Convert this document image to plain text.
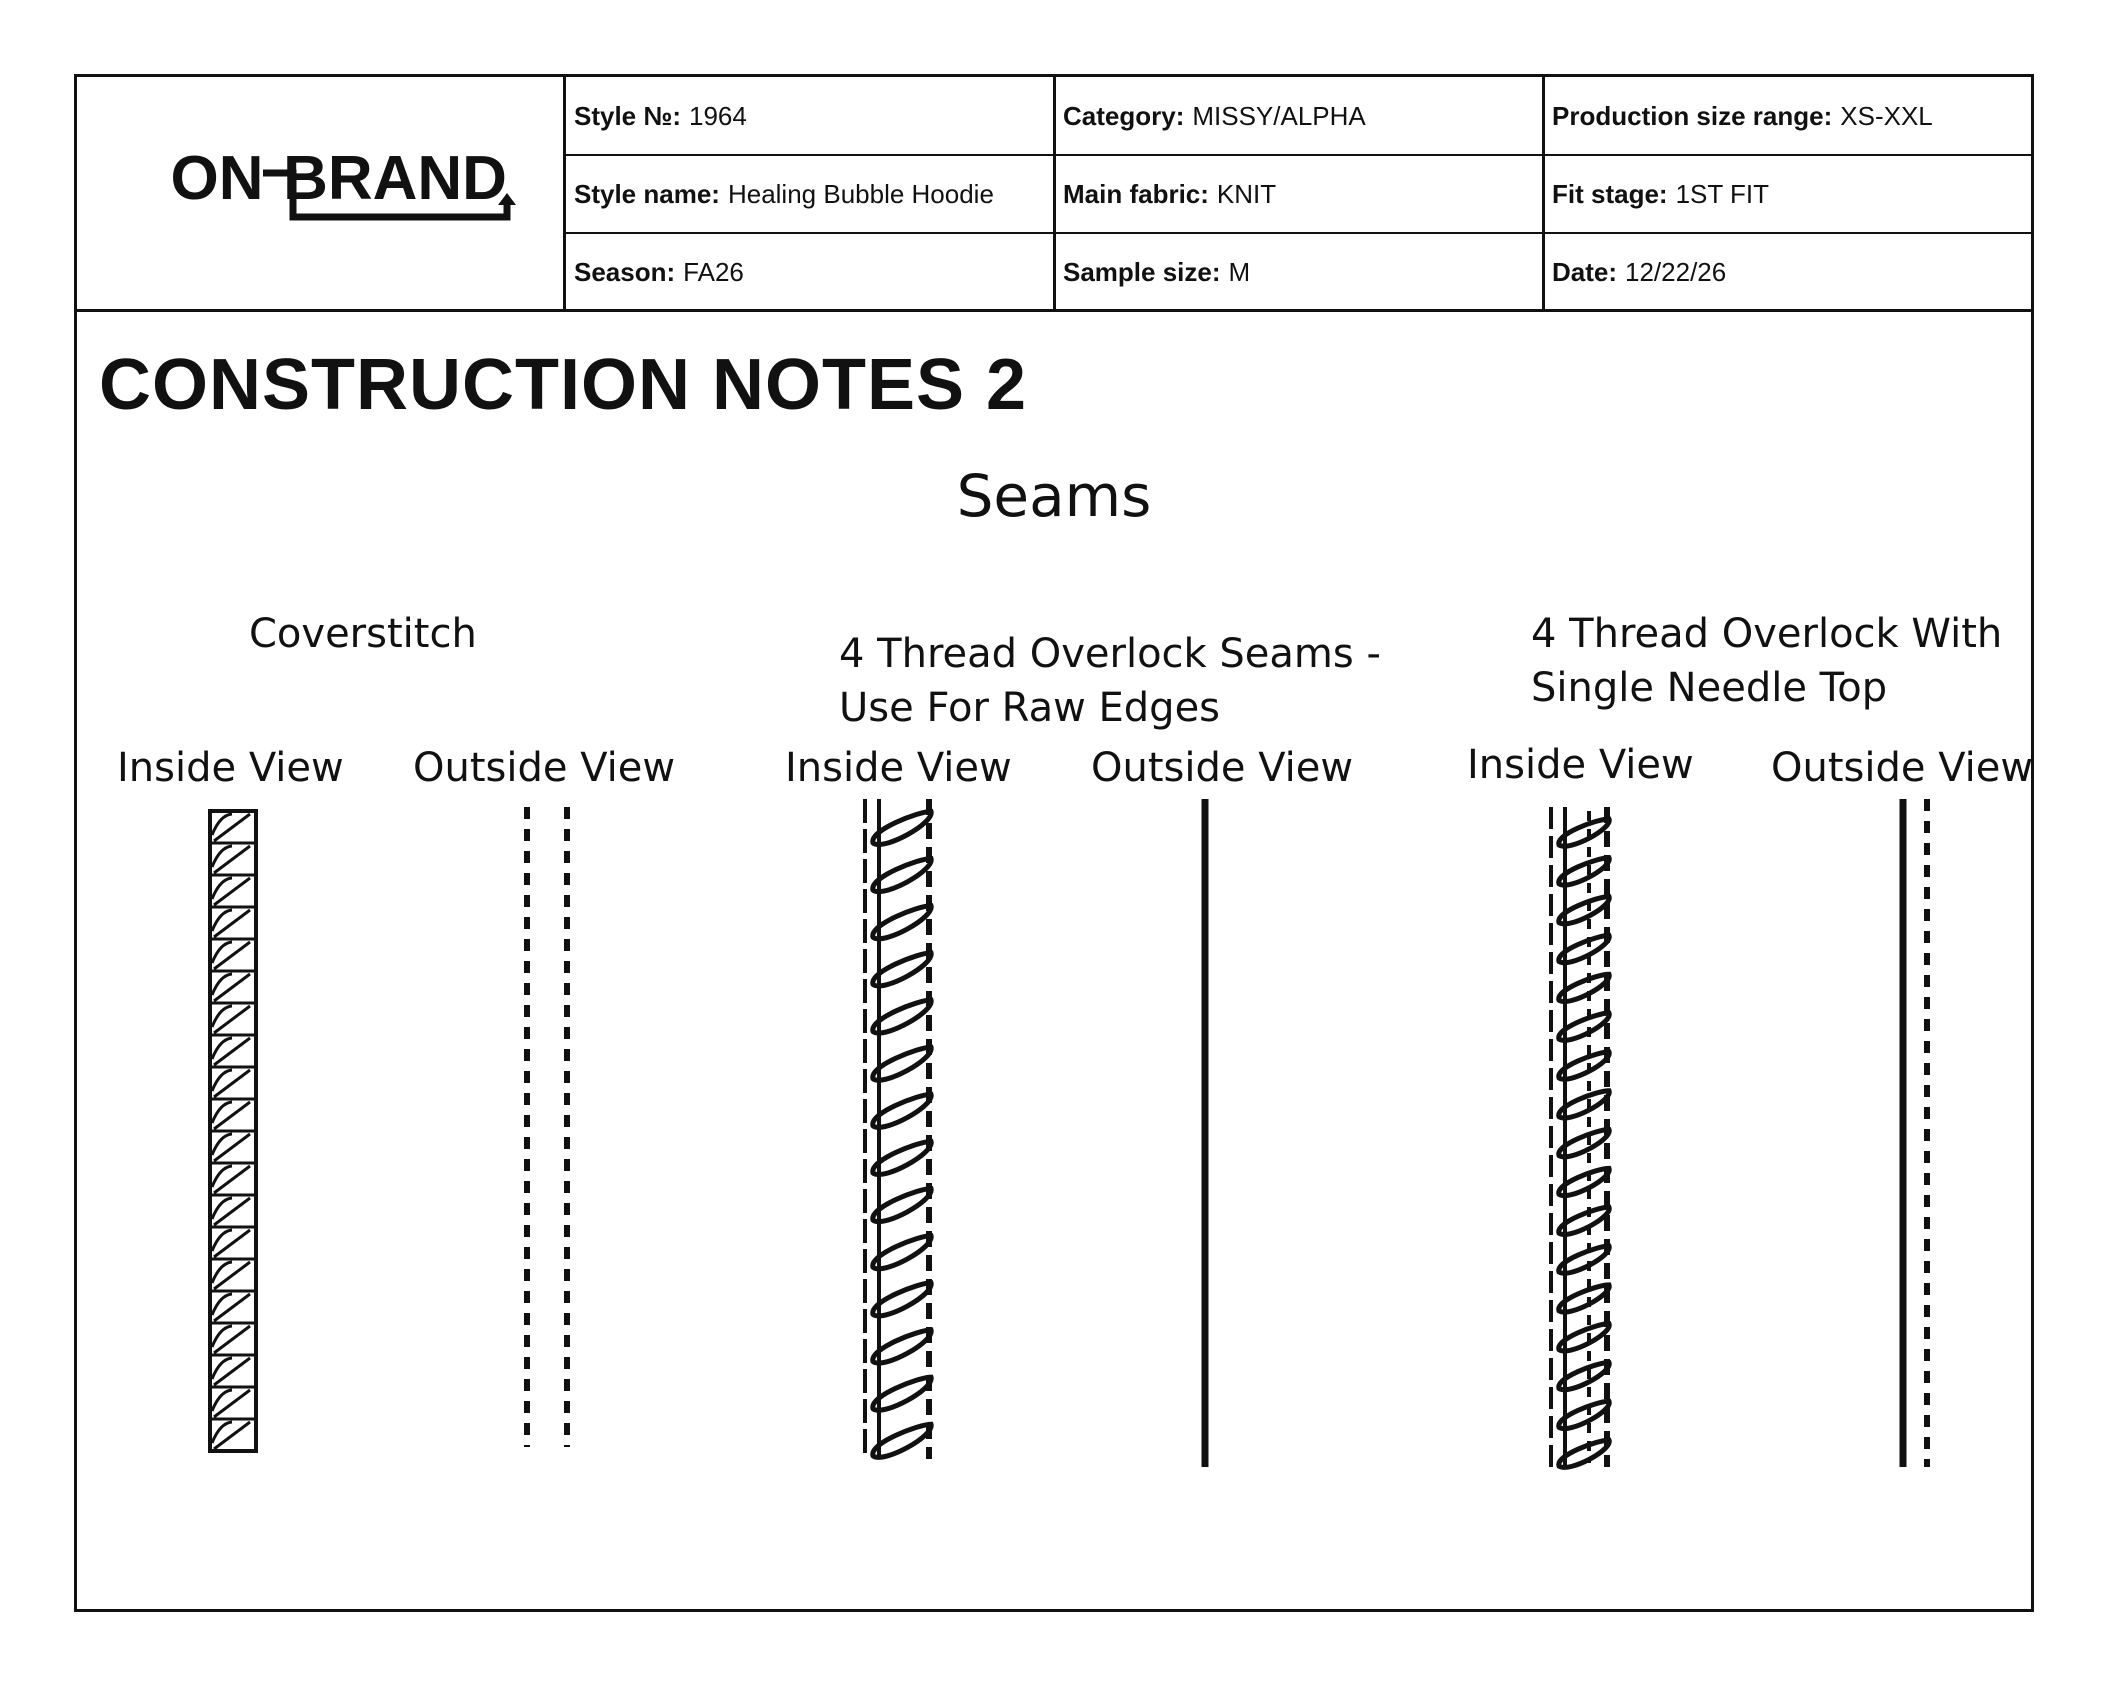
ON BRAND
Style №: 1964	Category: MISSY/ALPHA	Production size range: XS-XXL
Style name: Healing Bubble Hoodie	Main fabric: KNIT	Fit stage: 1ST FIT
Season: FA26	Sample size: M	Date: 12/22/26
CONSTRUCTION NOTES 2
Seams
Coverstitch
Inside View Outside View
4 Thread Overlock Seams -
Use For Raw Edges
Inside View Outside View
4 Thread Overlock With
Single Needle Top
Inside View Outside View
